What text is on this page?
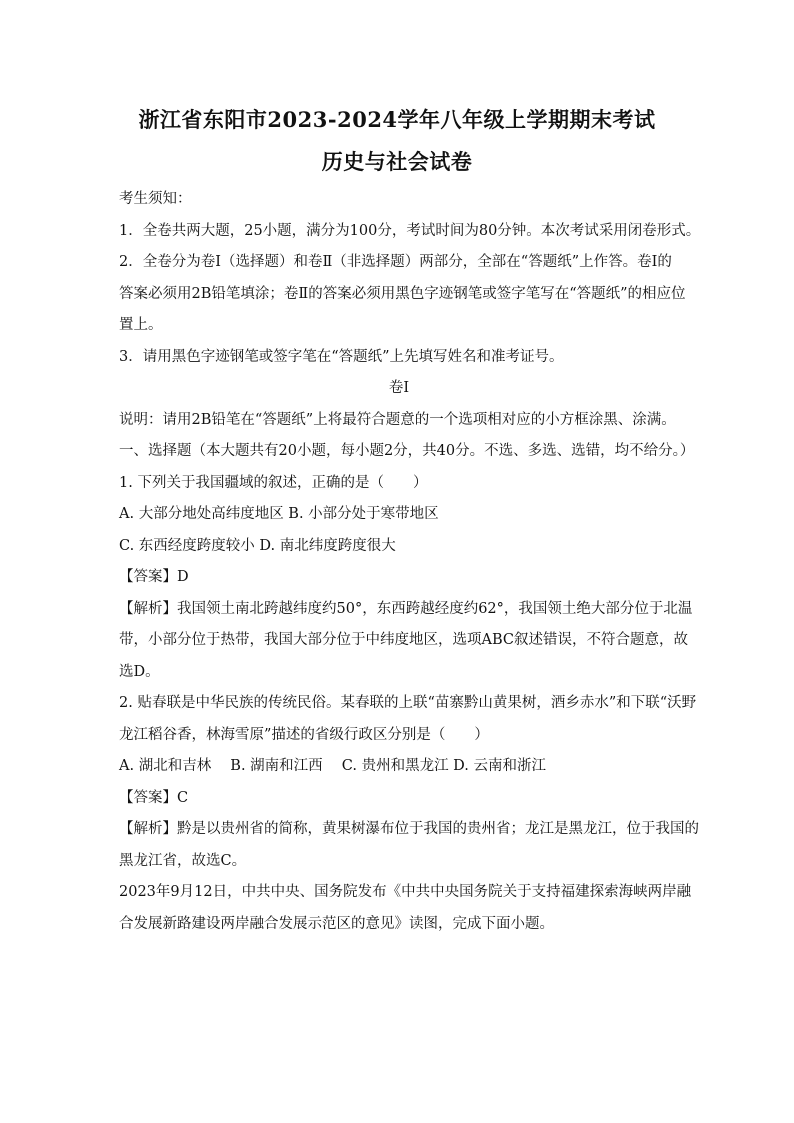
浙江省东阳市2023-2024学年八年级上学期期末考试
历史与社会试卷
考生须知：
1．全卷共两大题，25小题，满分为100分，考试时间为80分钟。本次考试采用闭卷形式。
2．全卷分为卷Ⅰ（选择题）和卷Ⅱ（非选择题）两部分，全部在“答题纸”上作答。卷Ⅰ的
答案必须用2B铅笔填涂；卷Ⅱ的答案必须用黑色字迹钢笔或签字笔写在“答题纸”的相应位
置上。
3．请用黑色字迹钢笔或签字笔在“答题纸”上先填写姓名和准考证号。
卷Ⅰ
说明：请用2B铅笔在“答题纸”上将最符合题意的一个选项相对应的小方框涂黑、涂满。
一、选择题（本大题共有20小题，每小题2分，共40分。不选、多选、选错，均不给分。）
1. 下列关于我国疆域的叙述，正确的是（　　）
A. 大部分地处高纬度地区 B. 小部分处于寒带地区
C. 东西经度跨度较小 D. 南北纬度跨度很大
【答案】D
【解析】我国领土南北跨越纬度约50°，东西跨越经度约62°，我国领土绝大部分位于北温
带，小部分位于热带，我国大部分位于中纬度地区，选项ABC叙述错误，不符合题意，故
选D。
2. 贴春联是中华民族的传统民俗。某春联的上联“苗寨黔山黄果树，酒乡赤水”和下联“沃野
龙江稻谷香，林海雪原”描述的省级行政区分别是（　　）
A. 湖北和吉林　 B. 湖南和江西　 C. 贵州和黑龙江 D. 云南和浙江
【答案】C
【解析】黔是以贵州省的简称，黄果树瀑布位于我国的贵州省；龙江是黑龙江，位于我国的
黑龙江省，故选C。
2023年9月12日，中共中央、国务院发布《中共中央国务院关于支持福建探索海峡两岸融
合发展新路建设两岸融合发展示范区的意见》读图，完成下面小题。
